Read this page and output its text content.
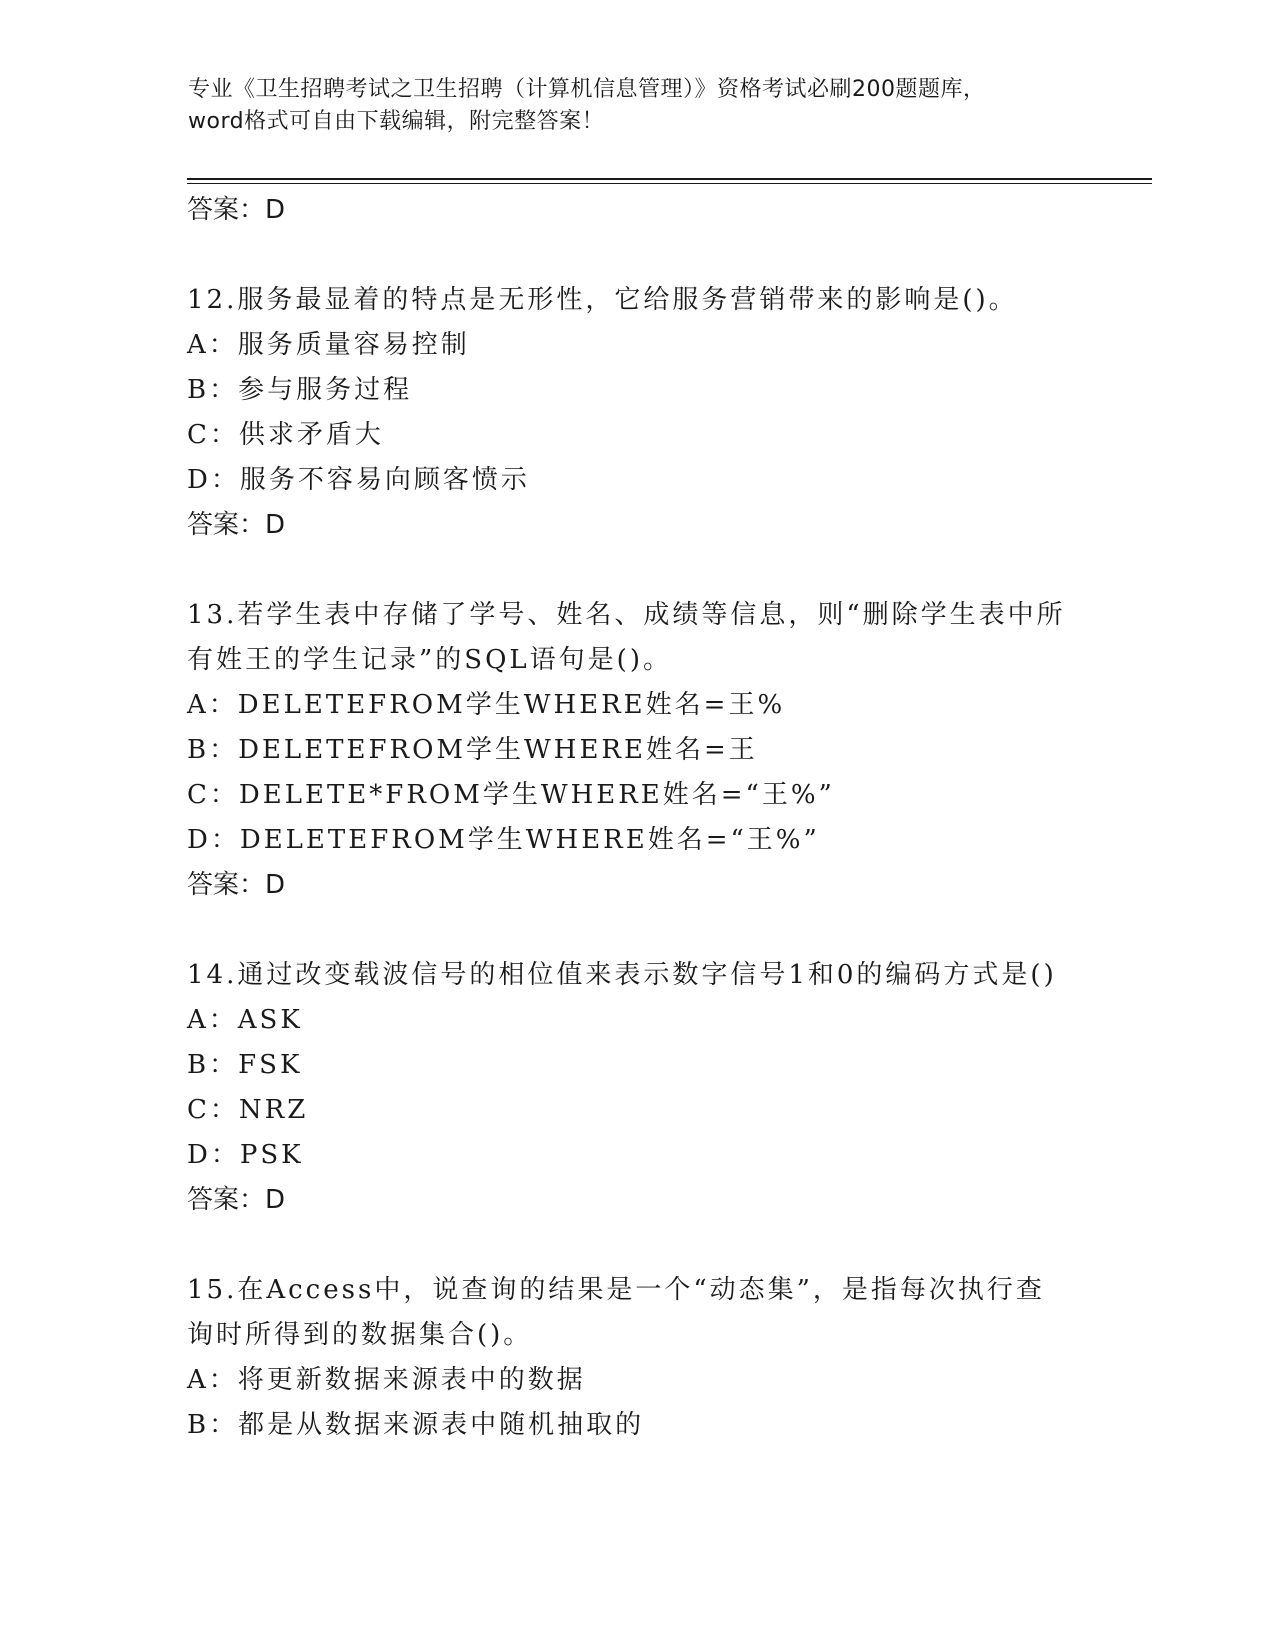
专业《卫生招聘考试之卫生招聘（计算机信息管理）》资格考试必刷200题题库，
word格式可自由下载编辑，附完整答案！
答案：D
12.服务最显着的特点是无形性，它给服务营销带来的影响是()。
A：服务质量容易控制
B：参与服务过程
C：供求矛盾大
D：服务不容易向顾客愤示
答案：D
13.若学生表中存储了学号、姓名、成绩等信息，则“删除学生表中所
有姓王的学生记录”的SQL语句是()。
A：DELETEFROM学生WHERE姓名=王%
B：DELETEFROM学生WHERE姓名=王
C：DELETE*FROM学生WHERE姓名=“王%”
D：DELETEFROM学生WHERE姓名=“王%”
答案：D
14.通过改变载波信号的相位值来表示数字信号1和0的编码方式是()
A：ASK
B：FSK
C：NRZ
D：PSK
答案：D
15.在Access中，说查询的结果是一个“动态集”，是指每次执行查
询时所得到的数据集合()。
A：将更新数据来源表中的数据
B：都是从数据来源表中随机抽取的
